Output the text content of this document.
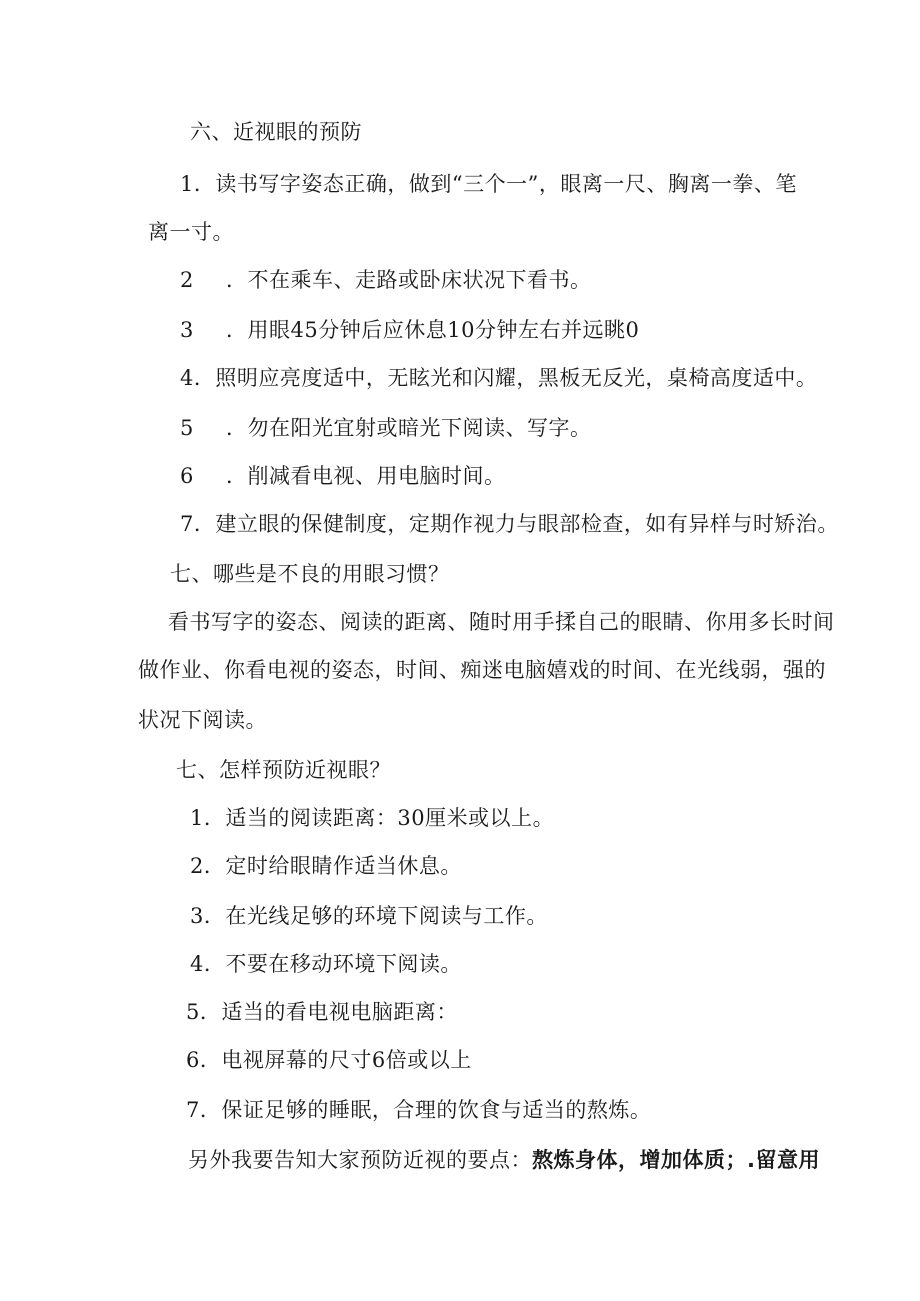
六、近视眼的预防
1．读书写字姿态正确，做到“三个一”，眼离一尺、胸离一拳、笔
离一寸。
2 ．不在乘车、走路或卧床状况下看书。
3 ．用眼45分钟后应休息10分钟左右并远眺0
4．照明应亮度适中，无眩光和闪耀，黑板无反光，桌椅高度适中。
5 ．勿在阳光宜射或暗光下阅读、写字。
6 ．削减看电视、用电脑时间。
7．建立眼的保健制度，定期作视力与眼部检查，如有异样与时矫治。
七、哪些是不良的用眼习惯？
看书写字的姿态、阅读的距离、随时用手揉自己的眼睛、你用多长时间
做作业、你看电视的姿态，时间、痴迷电脑嬉戏的时间、在光线弱，强的
状况下阅读。
七、怎样预防近视眼？
1．适当的阅读距离：30厘米或以上。
2．定时给眼睛作适当休息。
3．在光线足够的环境下阅读与工作。
4．不要在移动环境下阅读。
5．适当的看电视电脑距离：
6．电视屏幕的尺寸6倍或以上
7．保证足够的睡眠，合理的饮食与适当的熬炼。
另外我要告知大家预防近视的要点：熬炼身体，增加体质；.留意用
